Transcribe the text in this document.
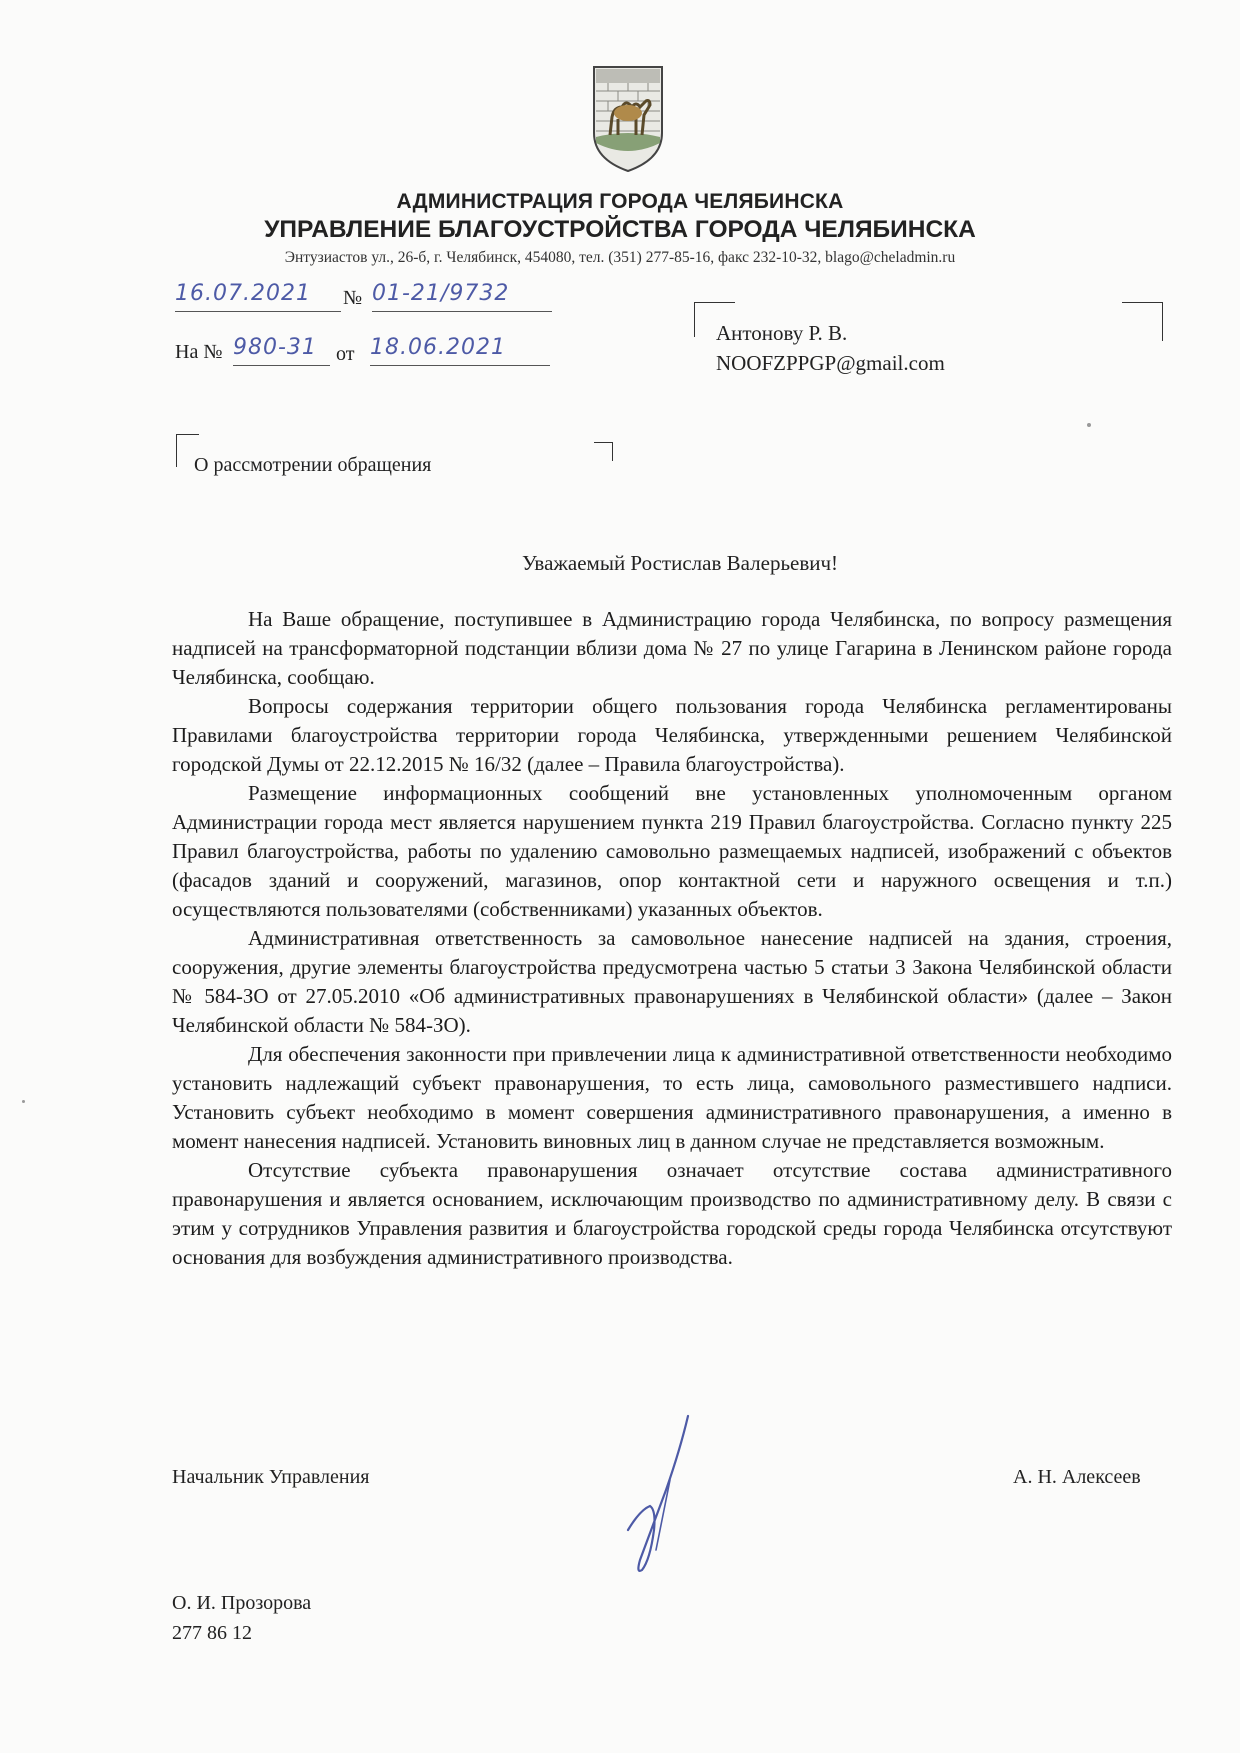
АДМИНИСТРАЦИЯ ГОРОДА ЧЕЛЯБИНСКА
УПРАВЛЕНИЕ БЛАГОУСТРОЙСТВА ГОРОДА ЧЕЛЯБИНСКА
Энтузиастов ул., 26-б, г. Челябинск, 454080, тел. (351) 277-85-16, факс 232-10-32, blago@cheladmin.ru
16.07.2021	№ 01-21/9732
На № 980-31 от 18.06.2021
Антонову Р. В.
NOOFZPPGP@gmail.com
О рассмотрении обращения
Уважаемый Ростислав Валерьевич!

На Ваше обращение, поступившее в Администрацию города Челябинска, по вопросу размещения надписей на трансформаторной подстанции вблизи дома № 27 по улице Гагарина в Ленинском районе города Челябинска, сообщаю.

Вопросы содержания территории общего пользования города Челябинска регламентированы Правилами благоустройства территории города Челябинска, утвержденными решением Челябинской городской Думы от 22.12.2015 № 16/32 (далее – Правила благоустройства).

Размещение информационных сообщений вне установленных уполномоченным органом Администрации города мест является нарушением пункта 219 Правил благоустройства. Согласно пункту 225 Правил благоустройства, работы по удалению самовольно размещаемых надписей, изображений с объектов (фасадов зданий и сооружений, магазинов, опор контактной сети и наружного освещения и т.п.) осуществляются пользователями (собственниками) указанных объектов.

Административная ответственность за самовольное нанесение надписей на здания, строения, сооружения, другие элементы благоустройства предусмотрена частью 5 статьи 3 Закона Челябинской области № 584-ЗО от 27.05.2010 «Об административных правонарушениях в Челябинской области» (далее – Закон Челябинской области № 584-ЗО).

Для обеспечения законности при привлечении лица к административной ответственности необходимо установить надлежащий субъект правонарушения, то есть лица, самовольного разместившего надписи. Установить субъект необходимо в момент совершения административного правонарушения, а именно в момент нанесения надписей. Установить виновных лиц в данном случае не представляется возможным.

Отсутствие субъекта правонарушения означает отсутствие состава административного правонарушения и является основанием, исключающим производство по административному делу. В связи с этим у сотрудников Управления развития и благоустройства городской среды города Челябинска отсутствуют основания для возбуждения административного производства.

Начальник Управления	А. Н. Алексеев
О. И. Прозорова
277 86 12
